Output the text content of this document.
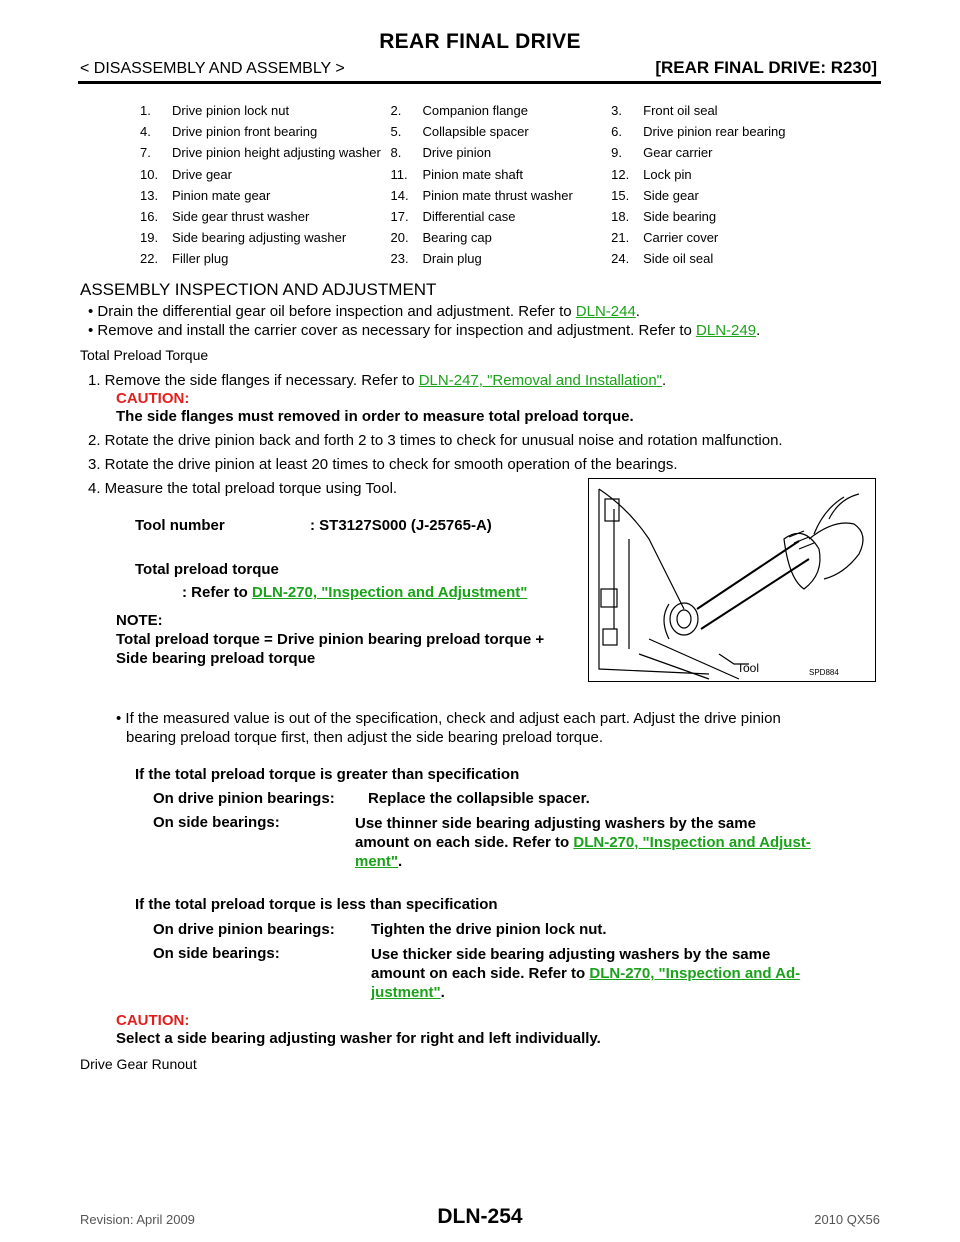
REAR FINAL DRIVE
< DISASSEMBLY AND ASSEMBLY >	[REAR FINAL DRIVE: R230]
1.	Drive pinion lock nut	2.	Companion flange	3.	Front oil seal
4.	Drive pinion front bearing	5.	Collapsible spacer	6.	Drive pinion rear bearing
7.	Drive pinion height adjusting washer 8.	Drive pinion	9.	Gear carrier
10.	Drive gear	11.	Pinion mate shaft	12.	Lock pin
13.	Pinion mate gear	14.	Pinion mate thrust washer	15.	Side gear
16.	Side gear thrust washer	17.	Differential case	18.	Side bearing
19.	Side bearing adjusting washer	20.	Bearing cap	21.	Carrier cover
22.	Filler plug	23.	Drain plug	24.	Side oil seal
ASSEMBLY INSPECTION AND ADJUSTMENT
• Drain the differential gear oil before inspection and adjustment. Refer to DLN-244.
• Remove and install the carrier cover as necessary for inspection and adjustment. Refer to DLN-249.
Total Preload Torque
1. Remove the side flanges if necessary. Refer to DLN-247, "Removal and Installation".
CAUTION:
The side flanges must removed in order to measure total preload torque.
2. Rotate the drive pinion back and forth 2 to 3 times to check for unusual noise and rotation malfunction.
3. Rotate the drive pinion at least 20 times to check for smooth operation of the bearings.
4. Measure the total preload torque using Tool.
Tool number	: ST3127S000 (J-25765-A)
Total preload torque
: Refer to DLN-270, "Inspection and Adjustment"
NOTE:
Total preload torque = Drive pinion bearing preload torque +
Side bearing preload torque
Tool	SPD884
• If the measured value is out of the specification, check and adjust each part. Adjust the drive pinion
bearing preload torque first, then adjust the side bearing preload torque.
If the total preload torque is greater than specification
On drive pinion bearings: Replace the collapsible spacer.
On side bearings:	Use thinner side bearing adjusting washers by the same
amount on each side. Refer to DLN-270, "Inspection and Adjust-
ment".
If the total preload torque is less than specification
On drive pinion bearings: Tighten the drive pinion lock nut.
On side bearings:	Use thicker side bearing adjusting washers by the same
amount on each side. Refer to DLN-270, "Inspection and Ad-
justment".
CAUTION:
Select a side bearing adjusting washer for right and left individually.
Drive Gear Runout
DLN-254
Revision: April 2009	2010 QX56
